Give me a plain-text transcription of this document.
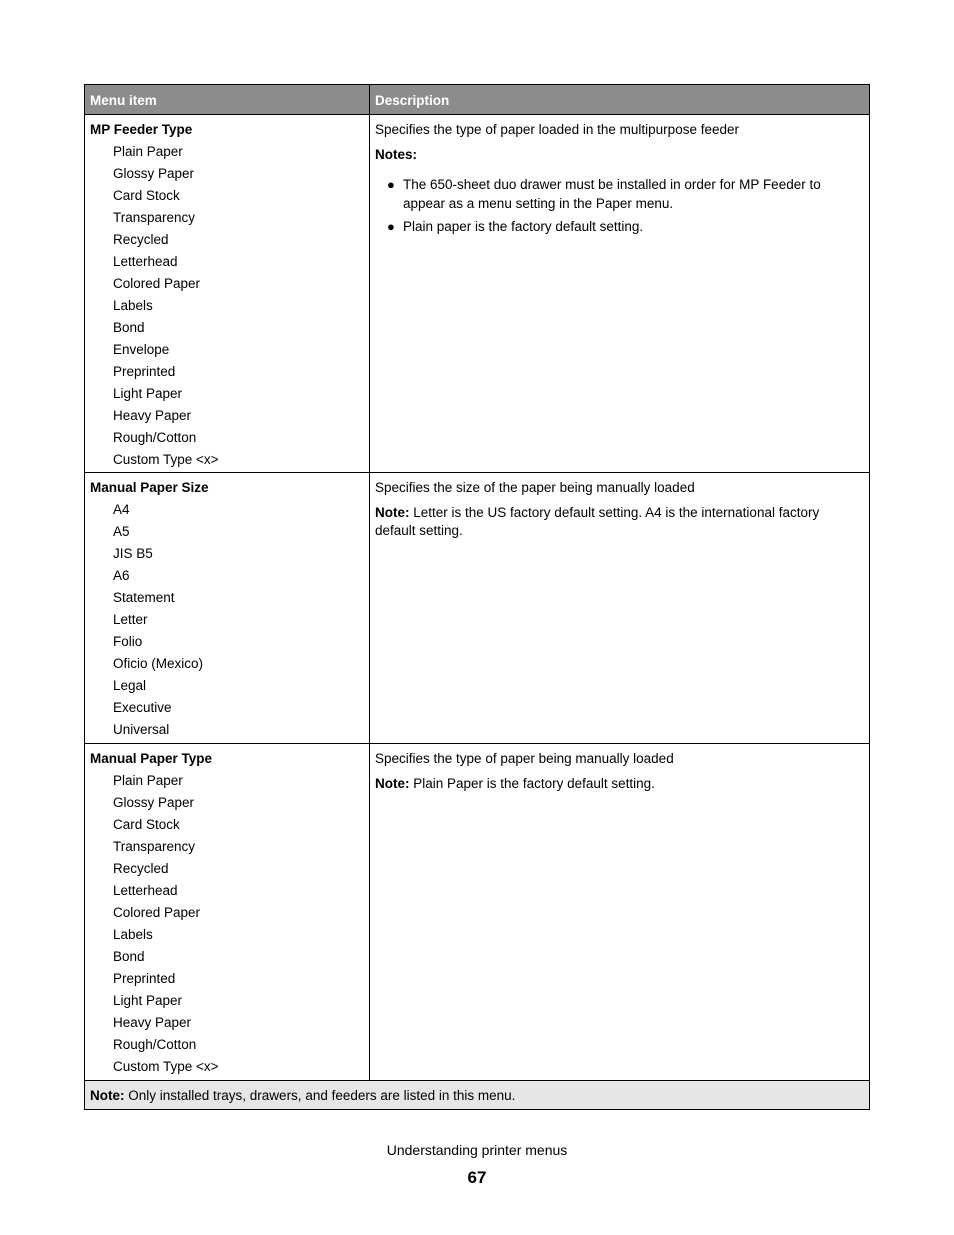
Menu item	Description
MP Feeder Type
Plain Paper
Glossy Paper
Card Stock
Transparency
Recycled
Letterhead
Colored Paper
Labels
Bond
Envelope
Preprinted
Light Paper
Heavy Paper
Rough/Cotton
Custom Type <x>
Specifies the type of paper loaded in the multipurpose feeder
Notes:
● The 650-sheet duo drawer must be installed in order for MP Feeder to appear as a menu setting in the Paper menu.
● Plain paper is the factory default setting.
Manual Paper Size
A4
A5
JIS B5
A6
Statement
Letter
Folio
Oficio (Mexico)
Legal
Executive
Universal
Specifies the size of the paper being manually loaded
Note: Letter is the US factory default setting. A4 is the international factory default setting.
Manual Paper Type
Plain Paper
Glossy Paper
Card Stock
Transparency
Recycled
Letterhead
Colored Paper
Labels
Bond
Preprinted
Light Paper
Heavy Paper
Rough/Cotton
Custom Type <x>
Specifies the type of paper being manually loaded
Note: Plain Paper is the factory default setting.
Note: Only installed trays, drawers, and feeders are listed in this menu.
Understanding printer menus
67
